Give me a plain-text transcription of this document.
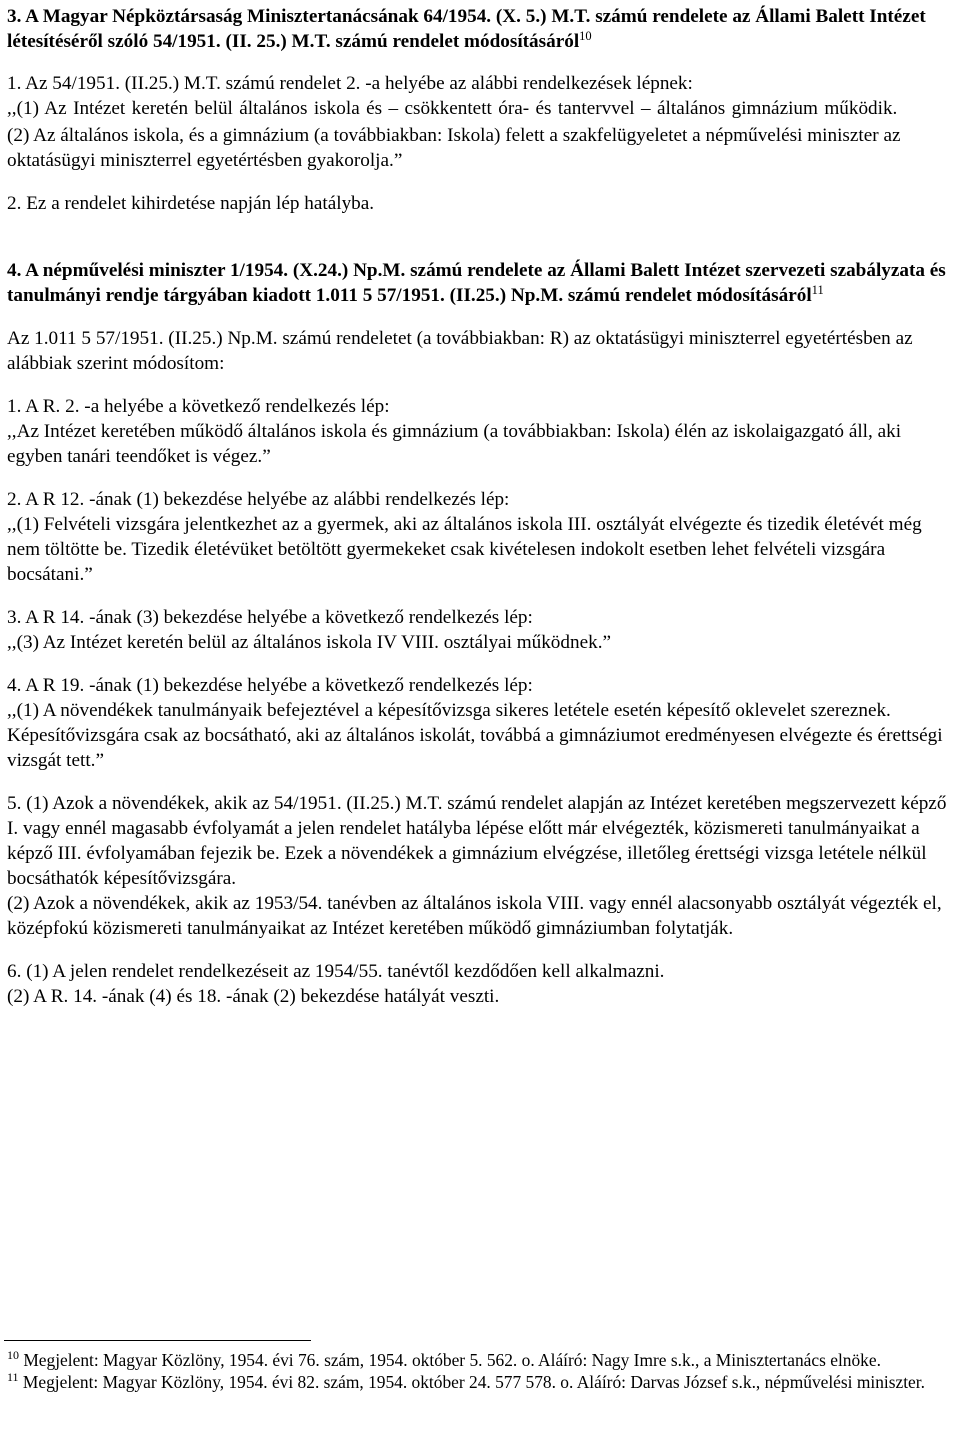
3. A Magyar Népköztársaság Minisztertanácsának 64/1954. (X. 5.) M.T. számú rendelete az Állami Balett Intézet létesítéséről szóló 54/1951. (II. 25.) M.T. számú rendelet módosításáról$^{10}$

1. Az 54/1951. (II.25.) M.T. számú rendelet 2. -a helyébe az alábbi rendelkezések lépnek:

,,(1) Az Intézet keretén belül általános iskola és – csökkentett óra- és tantervvel – általános gimnázium működik.

(2) Az általános iskola, és a gimnázium (a továbbiakban: Iskola) felett a szakfelügyeletet a népművelési miniszter az oktatásügyi miniszterrel egyetértésben gyakorolja.”

2. Ez a rendelet kihirdetése napján lép hatályba.

4. A népművelési miniszter 1/1954. (X.24.) Np.M. számú rendelete az Állami Balett Intézet szervezeti szabályzata és tanulmányi rendje tárgyában kiadott 1.011 5 57/1951. (II.25.) Np.M. számú rendelet módosításáról$^{11}$

Az 1.011 5 57/1951. (II.25.) Np.M. számú rendeletet (a továbbiakban: R) az oktatásügyi miniszterrel egyetértésben az alábbiak szerint módosítom:

1. A R. 2. -a helyébe a következő rendelkezés lép:

,,Az Intézet keretében működő általános iskola és gimnázium (a továbbiakban: Iskola) élén az iskolaigazgató áll, aki egyben tanári teendőket is végez.”

2. A R 12. -ának (1) bekezdése helyébe az alábbi rendelkezés lép:

,,(1) Felvételi vizsgára jelentkezhet az a gyermek, aki az általános iskola III. osztályát elvégezte és tizedik életévét még nem töltötte be. Tizedik életévüket betöltött gyermekeket csak kivételesen indokolt esetben lehet felvételi vizsgára bocsátani.”

3. A R 14. -ának (3) bekezdése helyébe a következő rendelkezés lép:

,,(3) Az Intézet keretén belül az általános iskola IV VIII. osztályai működnek.”

4. A R 19. -ának (1) bekezdése helyébe a következő rendelkezés lép:

,,(1) A növendékek tanulmányaik befejeztével a képesítővizsga sikeres letétele esetén képesítő oklevelet szereznek. Képesítővizsgára csak az bocsátható, aki az általános iskolát, továbbá a gimnáziumot eredményesen elvégezte és érettségi vizsgát tett.”

5. (1) Azok a növendékek, akik az 54/1951. (II.25.) M.T. számú rendelet alapján az Intézet keretében megszervezett képző I. vagy ennél magasabb évfolyamát a jelen rendelet hatályba lépése előtt már elvégezték, közismereti tanulmányaikat a képző III. évfolyamában fejezik be. Ezek a növendékek a gimnázium elvégzése, illetőleg érettségi vizsga letétele nélkül bocsáthatók képesítővizsgára.

(2) Azok a növendékek, akik az 1953/54. tanévben az általános iskola VIII. vagy ennél alacsonyabb osztályát végezték el, középfokú közismereti tanulmányaikat az Intézet keretében működő gimnáziumban folytatják.

6. (1) A jelen rendelet rendelkezéseit az 1954/55. tanévtől kezdődően kell alkalmazni.

(2) A R. 14. -ának (4) és 18. -ának (2) bekezdése hatályát veszti.

$^{10}$ Megjelent: Magyar Közlöny, 1954. évi 76. szám, 1954. október 5. 562. o. Aláíró: Nagy Imre s.k., a Minisztertanács elnöke.

$^{11}$ Megjelent: Magyar Közlöny, 1954. évi 82. szám, 1954. október 24. 577 578. o. Aláíró: Darvas József s.k., népművelési miniszter.
